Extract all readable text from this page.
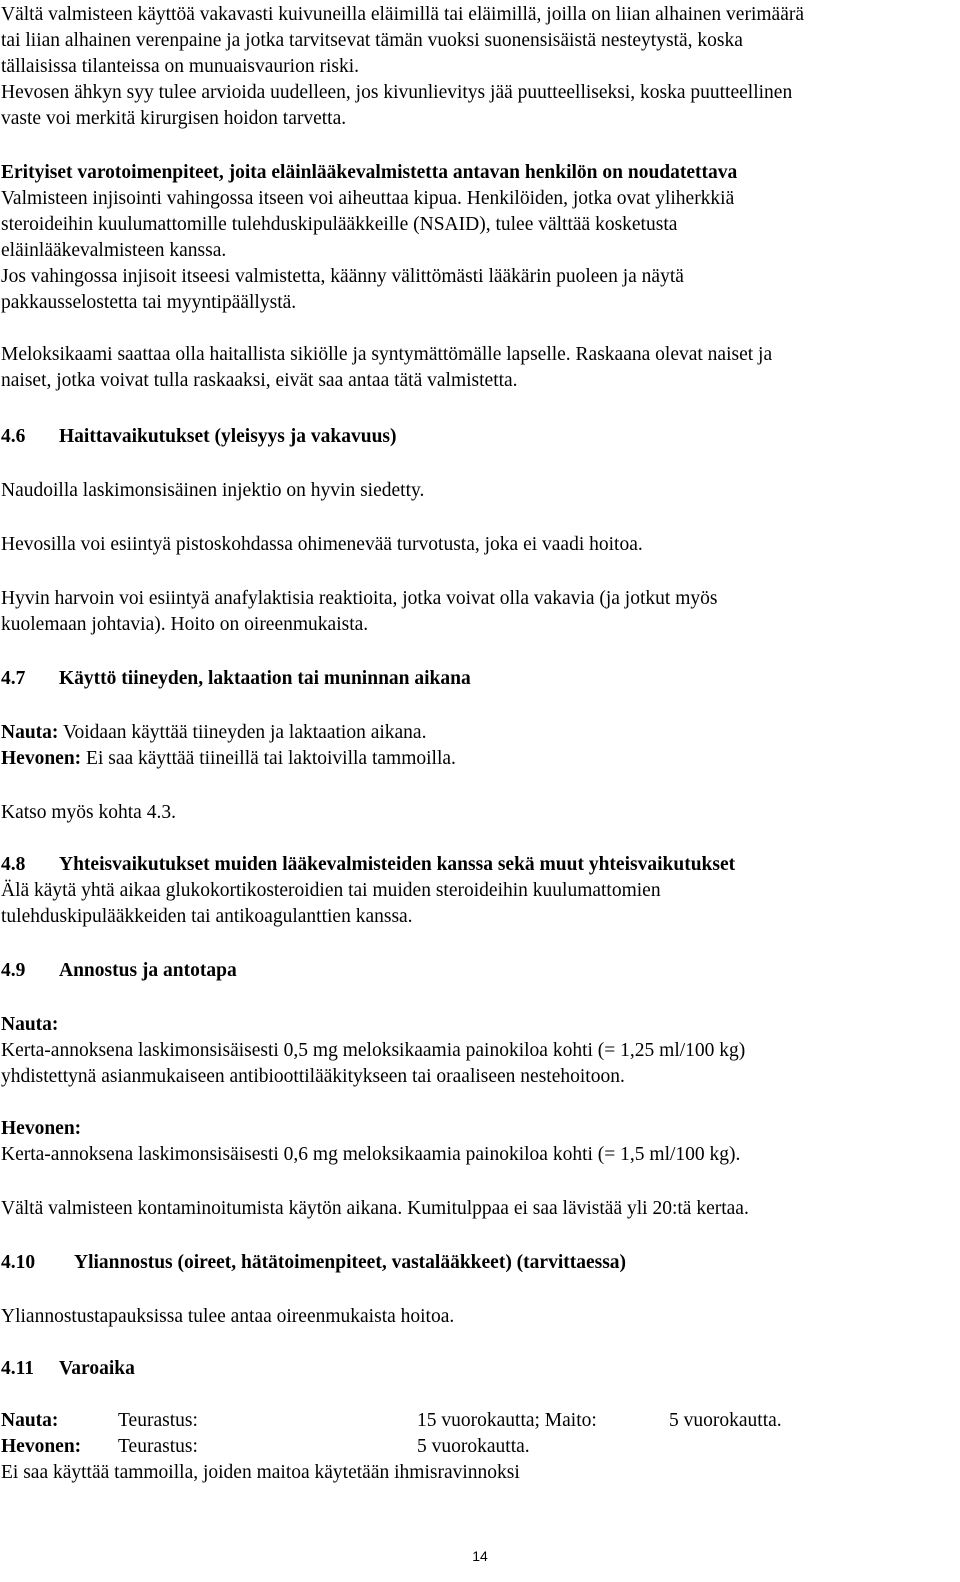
Vältä valmisteen käyttöä vakavasti kuivuneilla eläimillä tai eläimillä, joilla on liian alhainen verimäärä
tai liian alhainen verenpaine ja jotka tarvitsevat tämän vuoksi suonensisäistä nesteytystä, koska
tällaisissa tilanteissa on munuaisvaurion riski.
Hevosen ähkyn syy tulee arvioida uudelleen, jos kivunlievitys jää puutteelliseksi, koska puutteellinen
vaste voi merkitä kirurgisen hoidon tarvetta.
Erityiset varotoimenpiteet, joita eläinlääkevalmistetta antavan henkilön on noudatettava
Valmisteen injisointi vahingossa itseen voi aiheuttaa kipua. Henkilöiden, jotka ovat yliherkkiä
steroideihin kuulumattomille tulehduskipulääkkeille (NSAID), tulee välttää kosketusta
eläinlääkevalmisteen kanssa.
Jos vahingossa injisoit itseesi valmistetta, käänny välittömästi lääkärin puoleen ja näytä
pakkausselostetta tai myyntipäällystä.
Meloksikaami saattaa olla haitallista sikiölle ja syntymättömälle lapselle. Raskaana olevat naiset ja
naiset, jotka voivat tulla raskaaksi, eivät saa antaa tätä valmistetta.
4.6 Haittavaikutukset (yleisyys ja vakavuus)
Naudoilla laskimonsisäinen injektio on hyvin siedetty.
Hevosilla voi esiintyä pistoskohdassa ohimenevää turvotusta, joka ei vaadi hoitoa.
Hyvin harvoin voi esiintyä anafylaktisia reaktioita, jotka voivat olla vakavia (ja jotkut myös
kuolemaan johtavia). Hoito on oireenmukaista.
4.7 Käyttö tiineyden, laktaation tai muninnan aikana
Nauta: Voidaan käyttää tiineyden ja laktaation aikana.
Hevonen: Ei saa käyttää tiineillä tai laktoivilla tammoilla.
Katso myös kohta 4.3.
4.8 Yhteisvaikutukset muiden lääkevalmisteiden kanssa sekä muut yhteisvaikutukset
Älä käytä yhtä aikaa glukokortikosteroidien tai muiden steroideihin kuulumattomien
tulehduskipulääkkeiden tai antikoagulanttien kanssa.
4.9 Annostus ja antotapa
Nauta:
Kerta-annoksena laskimonsisäisesti 0,5 mg meloksikaamia painokiloa kohti (= 1,25 ml/100 kg)
yhdistettynä asianmukaiseen antibioottilääkitykseen tai oraaliseen nestehoitoon.
Hevonen:
Kerta-annoksena laskimonsisäisesti 0,6 mg meloksikaamia painokiloa kohti (= 1,5 ml/100 kg).
Vältä valmisteen kontaminoitumista käytön aikana. Kumitulppaa ei saa lävistää yli 20:tä kertaa.
4.10 Yliannostus (oireet, hätätoimenpiteet, vastalääkkeet) (tarvittaessa)
Yliannostustapauksissa tulee antaa oireenmukaista hoitoa.
4.11 Varoaika
Nauta:	Teurastus:	15 vuorokautta; Maito:	5 vuorokautta.
Hevonen: Teurastus:	5 vuorokautta.
Ei saa käyttää tammoilla, joiden maitoa käytetään ihmisravinnoksi
14
